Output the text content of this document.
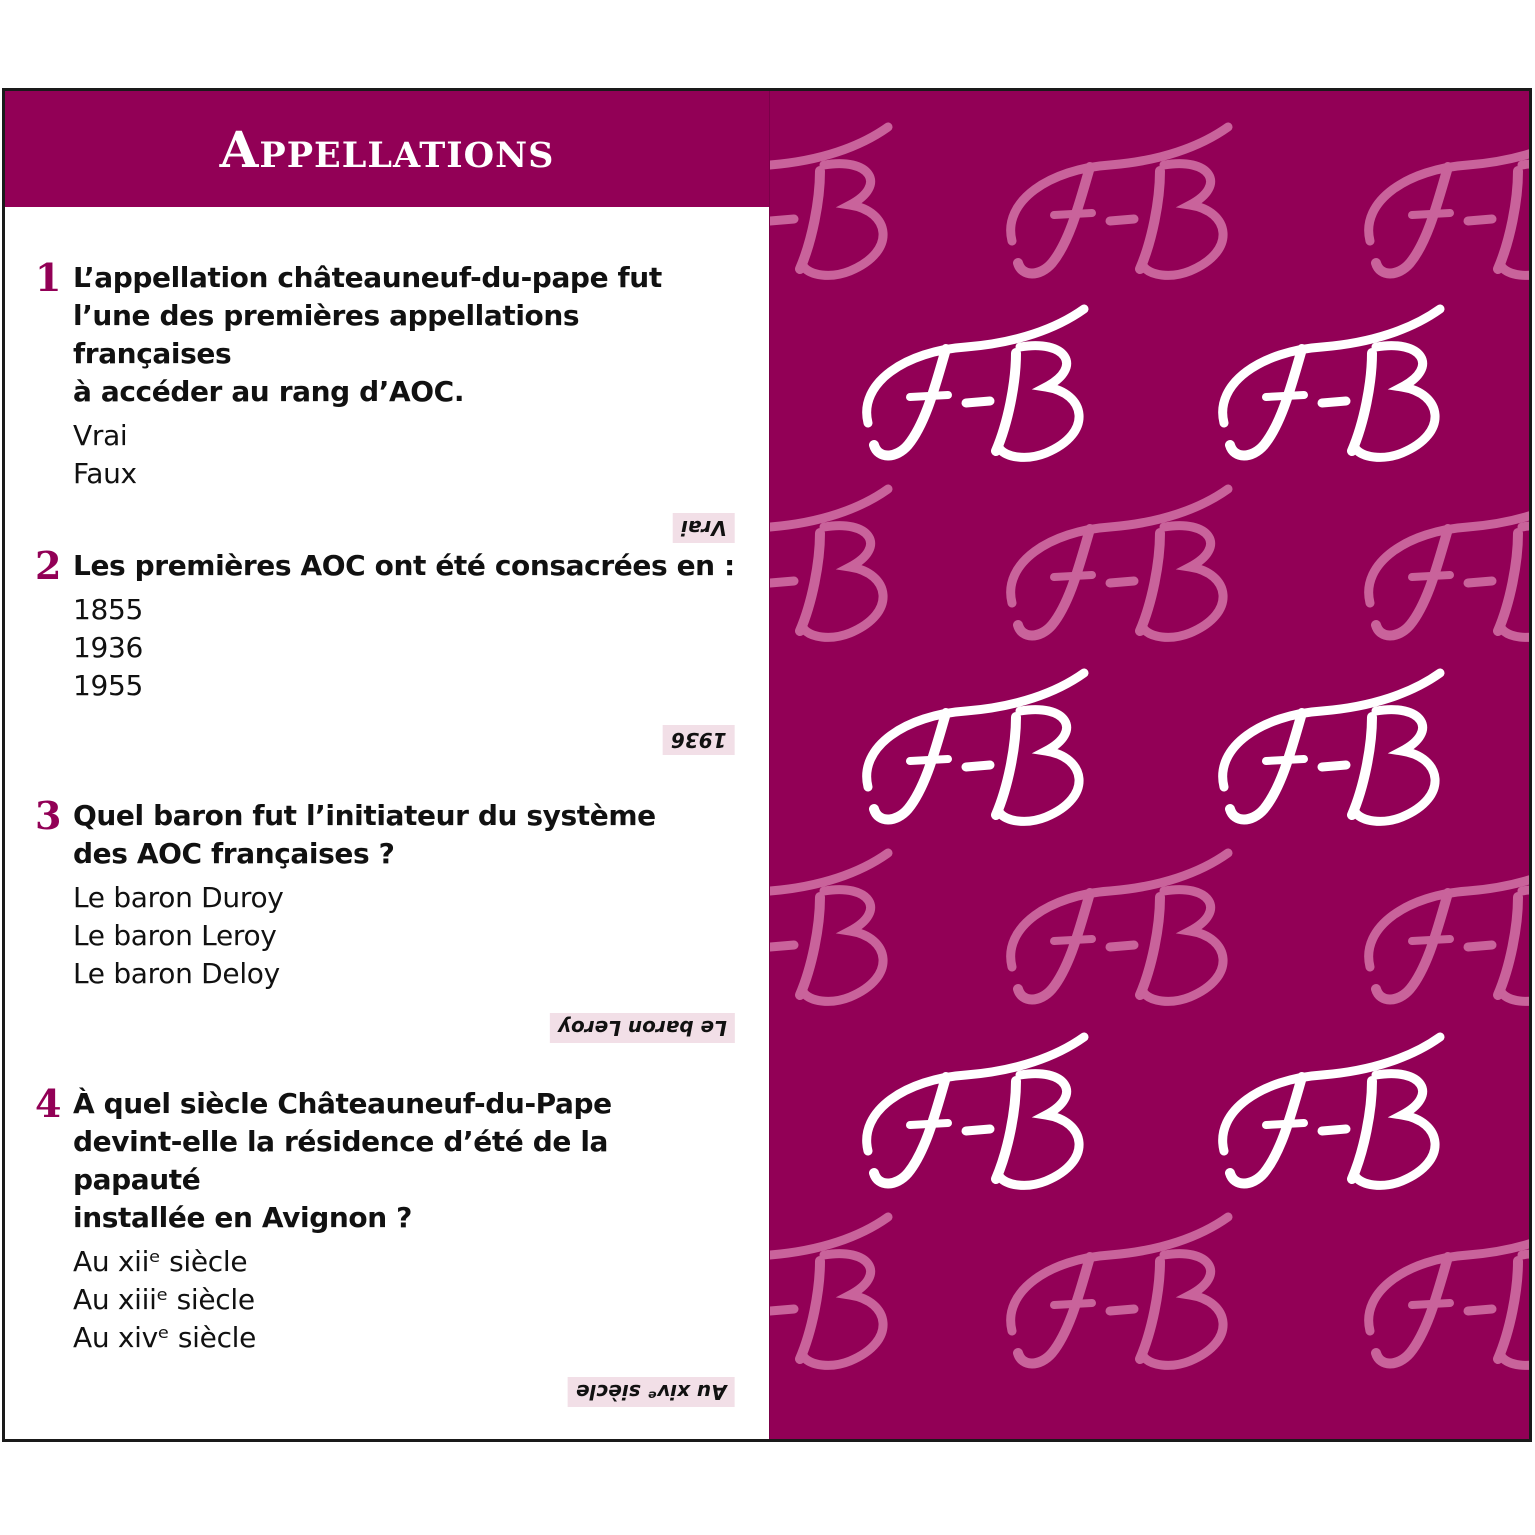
Appellations
1 L’appellation châteauneuf-du-pape fut
l’une des premières appellations françaises
à accéder au rang d’AOC.
Vrai
Faux
Vrai
2 Les premières AOC ont été consacrées en :
1855
1936
1955
1936
3 Quel baron fut l’initiateur du système
des AOC françaises ?
Le baron Duroy
Le baron Leroy
Le baron Deloy
Le baron Leroy
4 À quel siècle Châteauneuf-du-Pape
devint-elle la résidence d’été de la papauté
installée en Avignon ?
Au xiiᵉ siècle
Au xiiiᵉ siècle
Au xivᵉ siècle
Au xivᵉ siècle
